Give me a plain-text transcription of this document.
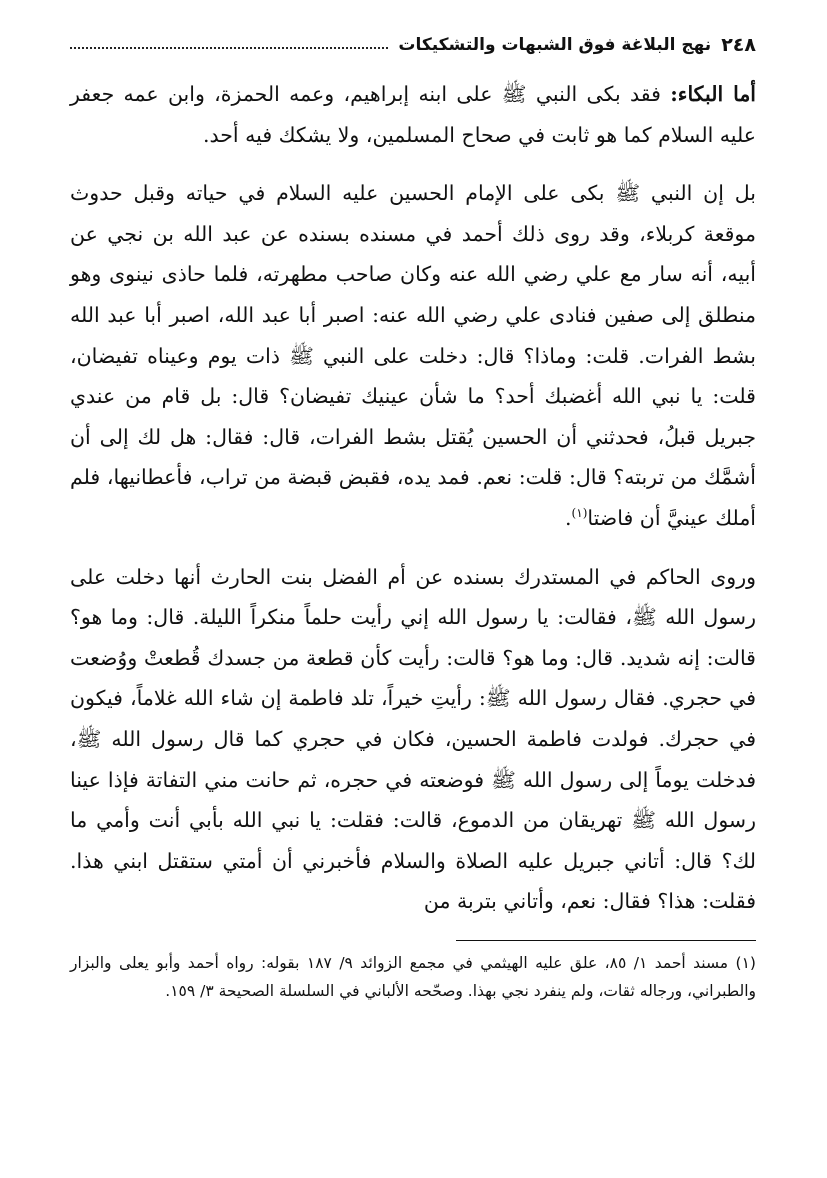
٢٤٨
نهج البلاغة فوق الشبهات والتشكيكات

أما البكاء: فقد بكى النبي ﷺ على ابنه إبراهيم، وعمه الحمزة، وابن عمه جعفر عليه السلام كما هو ثابت في صحاح المسلمين، ولا يشكك فيه أحد.

بل إن النبي ﷺ بكى على الإمام الحسين عليه السلام في حياته وقبل حدوث موقعة كربلاء، وقد روى ذلك أحمد في مسنده بسنده عن عبد الله بن نجي عن أبيه، أنه سار مع علي رضي الله عنه وكان صاحب مطهرته، فلما حاذى نينوى وهو منطلق إلى صفين فنادى علي رضي الله عنه: اصبر أبا عبد الله، اصبر أبا عبد الله بشط الفرات. قلت: وماذا؟ قال: دخلت على النبي ﷺ ذات يوم وعيناه تفيضان، قلت: يا نبي الله أغضبك أحد؟ ما شأن عينيك تفيضان؟ قال: بل قام من عندي جبريل قبلُ، فحدثني أن الحسين يُقتل بشط الفرات، قال: فقال: هل لك إلى أن أشمَّك من تربته؟ قال: قلت: نعم. فمد يده، فقبض قبضة من تراب، فأعطانيها، فلم أملك عينيَّ أن فاضتا$^{(١)}$.

وروى الحاكم في المستدرك بسنده عن أم الفضل بنت الحارث أنها دخلت على رسول الله ﷺ، فقالت: يا رسول الله إني رأيت حلماً منكراً الليلة. قال: وما هو؟ قالت: إنه شديد. قال: وما هو؟ قالت: رأيت كأن قطعة من جسدك قُطعتْ ووُضعت في حجري. فقال رسول الله ﷺ: رأيتِ خيراً، تلد فاطمة إن شاء الله غلاماً، فيكون في حجرك. فولدت فاطمة الحسين، فكان في حجري كما قال رسول الله ﷺ، فدخلت يوماً إلى رسول الله ﷺ فوضعته في حجره، ثم حانت مني التفاتة فإذا عينا رسول الله ﷺ تهريقان من الدموع، قالت: فقلت: يا نبي الله بأبي أنت وأمي ما لك؟ قال: أتاني جبريل عليه الصلاة والسلام فأخبرني أن أمتي ستقتل ابني هذا. فقلت: هذا؟ فقال: نعم، وأتاني بتربة من

(١) مسند أحمد ١/ ٨٥، علق عليه الهيثمي في مجمع الزوائد ٩/ ١٨٧ بقوله: رواه أحمد وأبو يعلى والبزار والطبراني، ورجاله ثقات، ولم ينفرد نجي بهذا. وصحّحه الألباني في السلسلة الصحيحة ٣/ ١٥٩.
